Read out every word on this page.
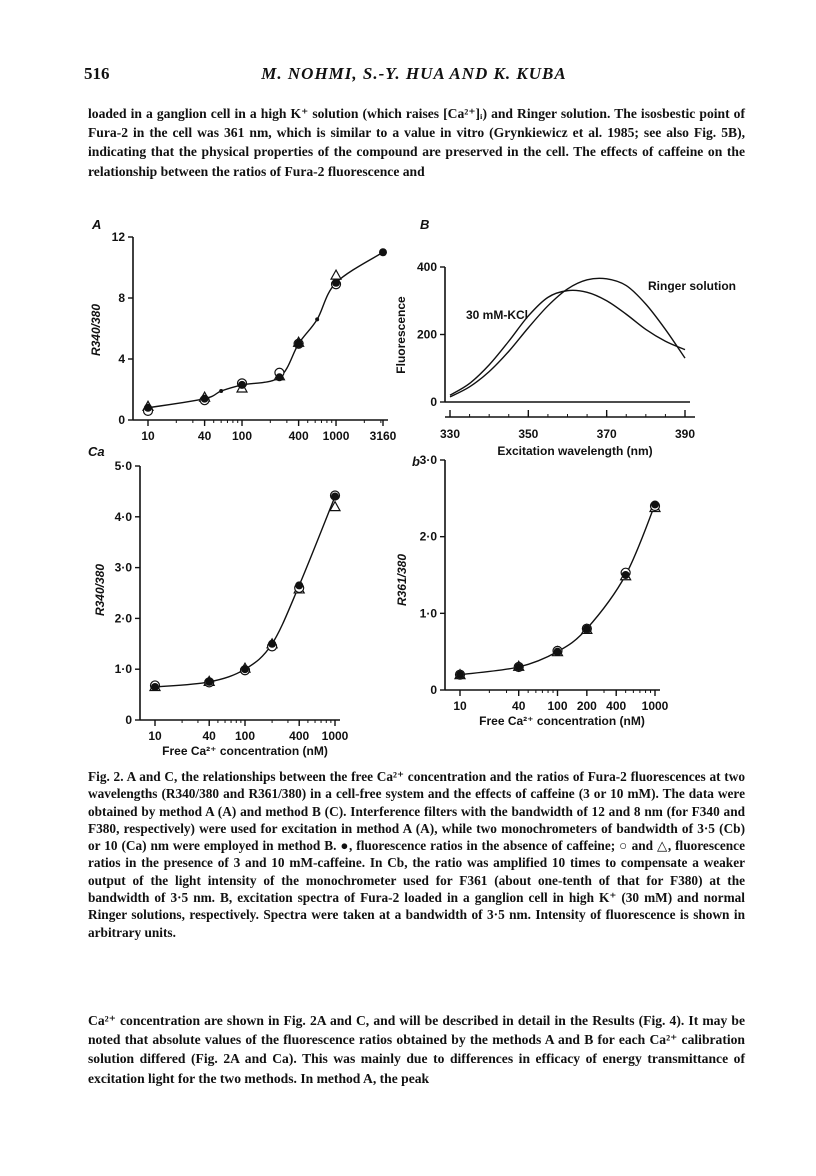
516	M. NOHMI, S.-Y. HUA AND K. KUBA
loaded in a ganglion cell in a high K⁺ solution (which raises [Ca²⁺]ᵢ) and Ringer solution. The isosbestic point of Fura-2 in the cell was 361 nm, which is similar to a value in vitro (Grynkiewicz et al. 1985; see also Fig. 5B), indicating that the physical properties of the compound are preserved in the cell. The effects of caffeine on the relationship between the ratios of Fura-2 fluorescence and
0
4
8
12
10	40 100	400 1000 3160
A
R340/380
0
200
400
330	350	370	390
B
Fluorescence
Excitation wavelength (nm)
Ringer solution
30 mM-KCl
0
1·0
2·0
3·0
4·0
5·0
10	40 100	400 1000
Ca
R340/380
Free Ca²⁺ concentration (nM)
0
1·0
2·0
3·0
10	40 100 200 400 1000
b
R361/380
Free Ca²⁺ concentration (nM)
Fig. 2. A and C, the relationships between the free Ca²⁺ concentration and the ratios of Fura-2 fluorescences at two wavelengths (R340/380 and R361/380) in a cell-free system and the effects of caffeine (3 or 10 mM). The data were obtained by method A (A) and method B (C). Interference filters with the bandwidth of 12 and 8 nm (for F340 and F380, respectively) were used for excitation in method A (A), while two monochrometers of bandwidth of 3·5 (Cb) or 10 (Ca) nm were employed in method B. ●, fluorescence ratios in the absence of caffeine; ○ and △, fluorescence ratios in the presence of 3 and 10 mM-caffeine. In Cb, the ratio was amplified 10 times to compensate a weaker output of the light intensity of the monochrometer used for F361 (about one-tenth of that for F380) at the bandwidth of 3·5 nm. B, excitation spectra of Fura-2 loaded in a ganglion cell in high K⁺ (30 mM) and normal Ringer solutions, respectively. Spectra were taken at a bandwidth of 3·5 nm. Intensity of fluorescence is shown in arbitrary units.
Ca²⁺ concentration are shown in Fig. 2A and C, and will be described in detail in the Results (Fig. 4). It may be noted that absolute values of the fluorescence ratios obtained by the methods A and B for each Ca²⁺ calibration solution differed (Fig. 2A and Ca). This was mainly due to differences in efficacy of energy transmittance of excitation light for the two methods. In method A, the peak
